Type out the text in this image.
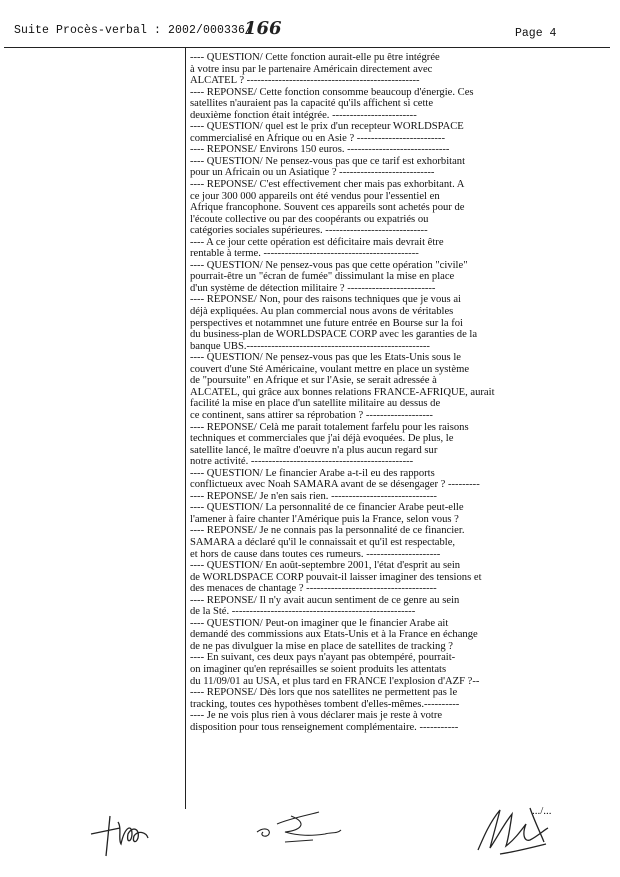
Suite Procès-verbal : 2002/000336/
166	Page 4
---- QUESTION/ Cette fonction aurait-elle pu être intégrée
à votre insu par le partenaire Américain directement avec
ALCATEL ? -------------------------------------------------
---- REPONSE/ Cette fonction consomme beaucoup d'énergie. Ces
satellites n'auraient pas la capacité qu'ils affichent si cette
deuxième fonction était intégrée. ------------------------
---- QUESTION/ quel est le prix d'un recepteur WORLDSPACE
commercialisé en Afrique ou en Asie ? -------------------------
---- REPONSE/ Environs 150 euros. -----------------------------
---- QUESTION/ Ne pensez-vous pas que ce tarif est exhorbitant
pour un Africain ou un Asiatique ? ---------------------------
---- REPONSE/ C'est effectivement cher mais pas exhorbitant. A
ce jour 300 000 appareils ont été vendus pour l'essentiel en
Afrique francophone. Souvent ces appareils sont achetés pour de
l'écoute collective ou par des coopérants ou expatriés ou
catégories sociales supérieures. -----------------------------
---- A ce jour cette opération est déficitaire mais devrait être
rentable à terme. --------------------------------------------
---- QUESTION/ Ne pensez-vous pas que cette opération "civile"
pourrait-être un "écran de fumée" dissimulant la mise en place
d'un système de détection militaire ? -------------------------
---- REPONSE/ Non, pour des raisons techniques que je vous ai
déjà expliquées. Au plan commercial nous avons de véritables
perspectives et notammnet une future entrée en Bourse sur la foi
du business-plan de WORLDSPACE CORP avec les garanties de la
banque UBS.----------------------------------------------------
---- QUESTION/ Ne pensez-vous pas que les Etats-Unis sous le
couvert d'une Sté Américaine, voulant mettre en place un système
de "poursuite" en Afrique et sur l'Asie, se serait adressée à
ALCATEL, qui grâce aux bonnes relations FRANCE-AFRIQUE, aurait
facilité la mise en place d'un satellite militaire au dessus de
ce continent, sans attirer sa réprobation ? -------------------
---- REPONSE/ Celà me parait totalement farfelu pour les raisons
techniques et commerciales que j'ai déjà evoquées. De plus, le
satellite lancé, le maître d'oeuvre n'a plus aucun regard sur
notre activité. ----------------------------------------------
---- QUESTION/ Le financier Arabe a-t-il eu des rapports
conflictueux avec Noah SAMARA avant de se désengager ? ---------
---- REPONSE/ Je n'en sais rien. ------------------------------
---- QUESTION/ La personnalité de ce financier Arabe peut-elle
l'amener à faire chanter l'Amérique puis la France, selon vous ?
---- REPONSE/ Je ne connais pas la personnalité de ce financier.
SAMARA a déclaré qu'il le connaissait et qu'il est respectable,
et hors de cause dans toutes ces rumeurs. ---------------------
---- QUESTION/ En août-septembre 2001, l'état d'esprit au sein
de WORLDSPACE CORP pouvait-il laisser imaginer des tensions et
des menaces de chantage ? -------------------------------------
---- REPONSE/ Il n'y avait aucun sentiment de ce genre au sein
de la Sté. ----------------------------------------------------
---- QUESTION/ Peut-on imaginer que le financier Arabe ait
demandé des commissions aux Etats-Unis et à la France en échange
de ne pas divulguer la mise en place de satellites de tracking ?
---- En suivant, ces deux pays n'ayant pas obtempéré, pourrait-
on imaginer qu'en représailles se soient produits les attentats
du 11/09/01 au USA, et plus tard en FRANCE l'explosion d'AZF ?--
---- REPONSE/ Dès lors que nos satellites ne permettent pas le
tracking, toutes ces hypothèses tombent d'elles-mêmes.----------
---- Je ne vois plus rien à vous déclarer mais je reste à votre
disposition pour tous renseignement complémentaire. -----------
.../...
